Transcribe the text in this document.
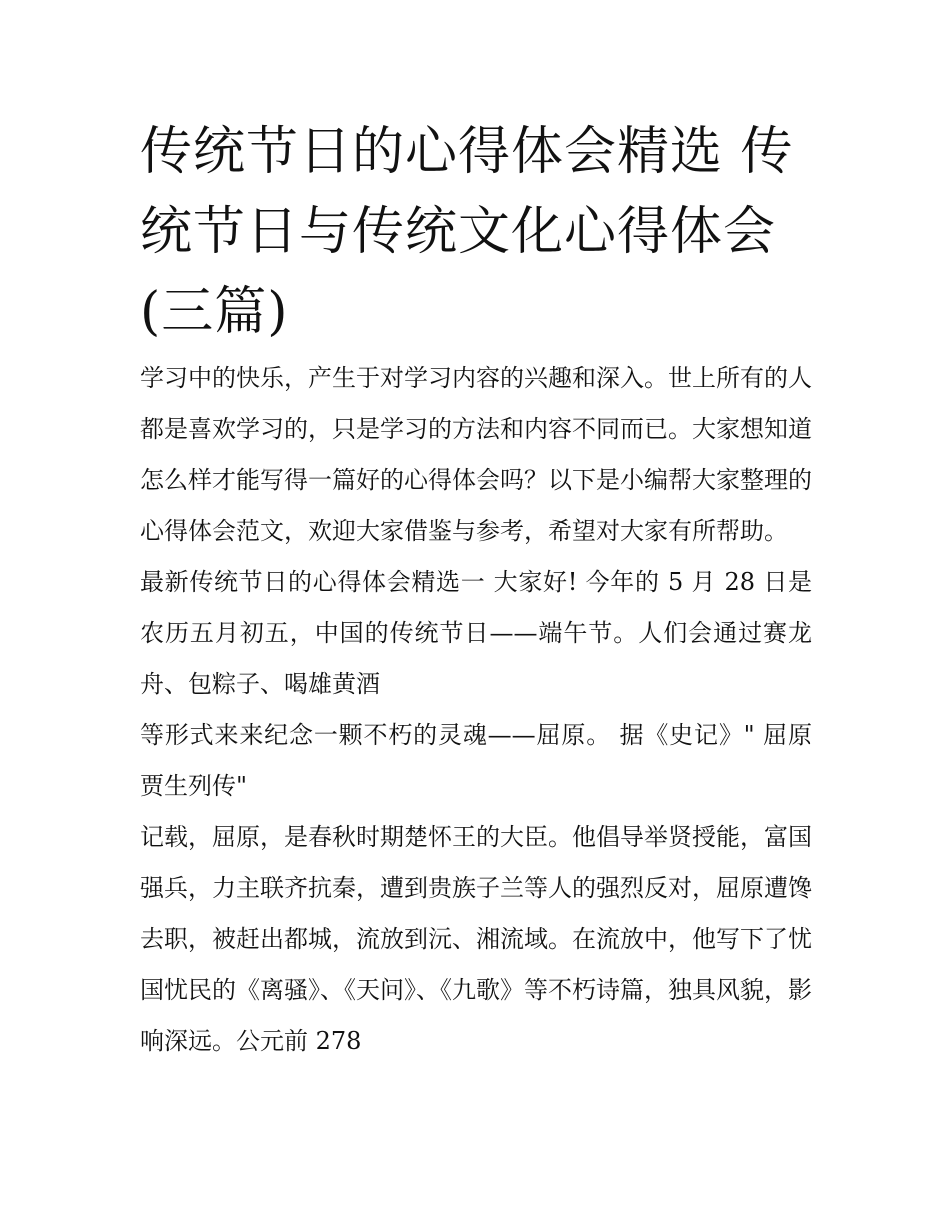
传统节日的心得体会精选 传统节日与传统文化心得体会(三篇)

学习中的快乐，产生于对学习内容的兴趣和深入。世上所有的人都是喜欢学习的，只是学习的方法和内容不同而已。大家想知道怎么样才能写得一篇好的心得体会吗？以下是小编帮大家整理的心得体会范文，欢迎大家借鉴与参考，希望对大家有所帮助。

最新传统节日的心得体会精选一 大家好! 今年的 5 月 28 日是农历五月初五，中国的传统节日——端午节。人们会通过赛龙舟、包粽子、喝雄黄酒

等形式来来纪念一颗不朽的灵魂——屈原。 据《史记》" 屈原贾生列传"

记载，屈原，是春秋时期楚怀王的大臣。他倡导举贤授能，富国强兵，力主联齐抗秦，遭到贵族子兰等人的强烈反对，屈原遭馋去职，被赶出都城，流放到沅、湘流域。在流放中，他写下了忧国忧民的《离骚》、《天问》、《九歌》等不朽诗篇，独具风貌，影响深远。公元前 278
